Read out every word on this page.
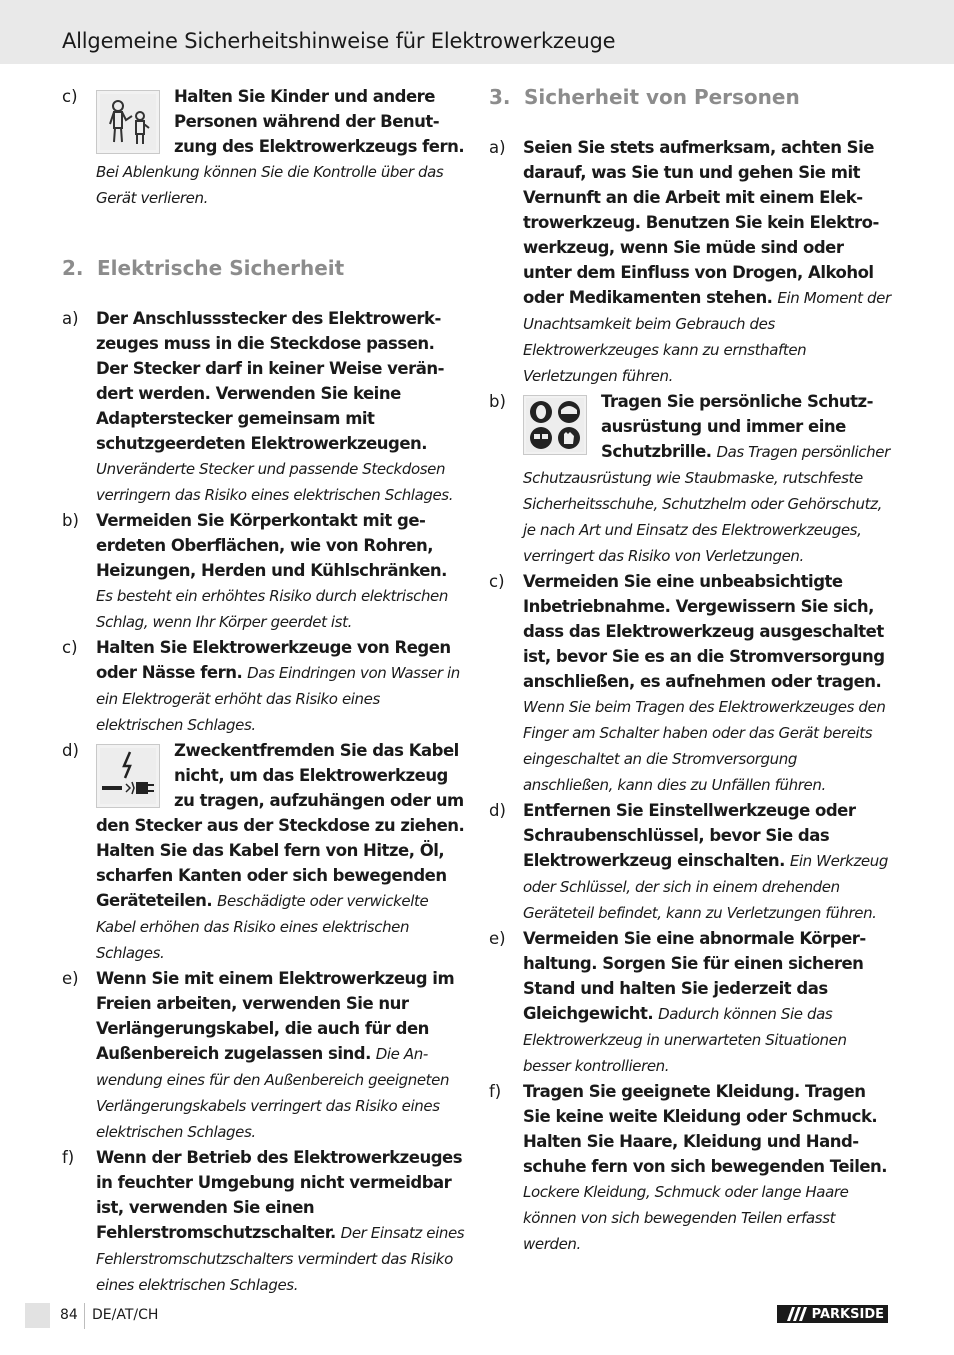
Allgemeine Sicherheitshinweise für Elektrowerkzeuge
c)	Halten Sie Kinder und andere Personen während der Benutzung des Elektrowerkzeugs fern. Bei Ablenkung können Sie die Kontrolle über das Gerät verlieren.
2. Elektrische Sicherheit
a)	Der Anschlussstecker des Elektrowerkzeuges muss in die Steckdose passen. Der Stecker darf in keiner Weise verändert werden. Verwenden Sie keine Adapterstecker gemeinsam mit schutzgeerdeten Elektrowerkzeugen. Unveränderte Stecker und passende Steckdosen verringern das Risiko eines elektrischen Schlages.
b)	Vermeiden Sie Körperkontakt mit geerdeten Oberflächen, wie von Rohren, Heizungen, Herden und Kühlschränken. Es besteht ein erhöhtes Risiko durch elektrischen Schlag, wenn Ihr Körper geerdet ist.
c)	Halten Sie Elektrowerkzeuge von Regen oder Nässe fern. Das Eindringen von Wasser in ein Elektrogerät erhöht das Risiko eines elektrischen Schlages.
d)	Zweckentfremden Sie das Kabel nicht, um das Elektrowerkzeug zu tragen, aufzuhängen oder um den Stecker aus der Steckdose zu ziehen. Halten Sie das Kabel fern von Hitze, Öl, scharfen Kanten oder sich bewegenden Geräteteilen. Beschädigte oder verwickelte Kabel erhöhen das Risiko eines elektrischen Schlages.
e)	Wenn Sie mit einem Elektrowerkzeug im Freien arbeiten, verwenden Sie nur Verlängerungskabel, die auch für den Außenbereich zugelassen sind. Die Anwendung eines für den Außenbereich geeigneten Verlängerungskabels verringert das Risiko eines elektrischen Schlages.
f)	Wenn der Betrieb des Elektrowerkzeuges in feuchter Umgebung nicht vermeidbar ist, verwenden Sie einen Fehlerstromschutzschalter. Der Einsatz eines Fehlerstromschutzschalters vermindert das Risiko eines elektrischen Schlages.
3. Sicherheit von Personen
a)	Seien Sie stets aufmerksam, achten Sie darauf, was Sie tun und gehen Sie mit Vernunft an die Arbeit mit einem Elektrowerkzeug. Benutzen Sie kein Elektrowerkzeug, wenn Sie müde sind oder unter dem Einfluss von Drogen, Alkohol oder Medikamenten stehen. Ein Moment der Unachtsamkeit beim Gebrauch des Elektrowerkzeuges kann zu ernsthaften Verletzungen führen.
b)	Tragen Sie persönliche Schutzausrüstung und immer eine Schutzbrille. Das Tragen persönlicher Schutzausrüstung wie Staubmaske, rutschfeste Sicherheitsschuhe, Schutzhelm oder Gehörschutz, je nach Art und Einsatz des Elektrowerkzeuges, verringert das Risiko von Verletzungen.
c)	Vermeiden Sie eine unbeabsichtigte Inbetriebnahme. Vergewissern Sie sich, dass das Elektrowerkzeug ausgeschaltet ist, bevor Sie es an die Stromversorgung anschließen, es aufnehmen oder tragen. Wenn Sie beim Tragen des Elektrowerkzeuges den Finger am Schalter haben oder das Gerät bereits eingeschaltet an die Stromversorgung anschließen, kann dies zu Unfällen führen.
d)	Entfernen Sie Einstellwerkzeuge oder Schraubenschlüssel, bevor Sie das Elektrowerkzeug einschalten. Ein Werkzeug oder Schlüssel, der sich in einem drehenden Geräteteil befindet, kann zu Verletzungen führen.
e)	Vermeiden Sie eine abnormale Körperhaltung. Sorgen Sie für einen sicheren Stand und halten Sie jederzeit das Gleichgewicht. Dadurch können Sie das Elektrowerkzeug in unerwarteten Situationen besser kontrollieren.
f)	Tragen Sie geeignete Kleidung. Tragen Sie keine weite Kleidung oder Schmuck. Halten Sie Haare, Kleidung und Handschuhe fern von sich bewegenden Teilen. Lockere Kleidung, Schmuck oder lange Haare können von sich bewegenden Teilen erfasst werden.
84 DE/AT/CH	PARKSIDE
